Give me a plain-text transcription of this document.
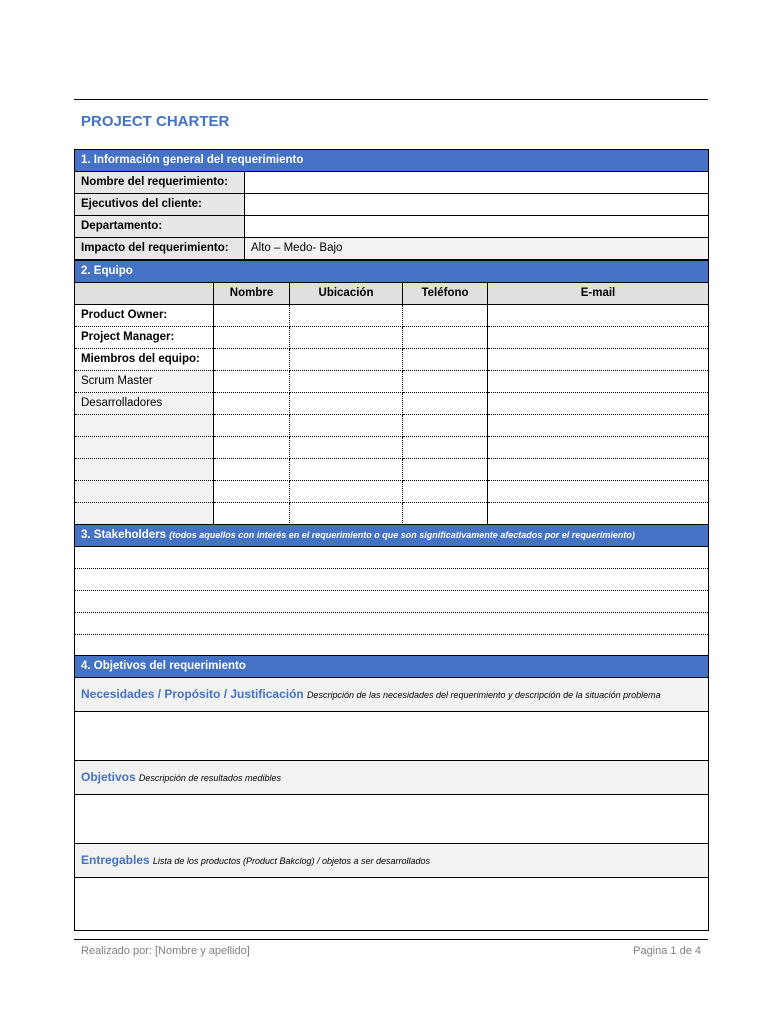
PROJECT CHARTER
1. Información general del requerimiento	
Nombre del requerimiento:	
Ejecutivos del cliente:	
Departamento:	
Impacto del requerimiento:	Alto – Medo- Bajo
2. Equipo				
	Nombre	Ubicación	Teléfono	E-mail
Product Owner:				
Project Manager:				
Miembros del equipo:				
Scrum Master				
Desarrolladores				

3. Stakeholders (todos aquellos con interés en el requerimiento o que son significativamente afectados por el requerimiento)

4. Objetivos del requerimiento
Necesidades / Propósito / Justificación Descripción de las necesidades del requerimiento y descripción de la situación problema

Objetivos Descripción de resultados medibles

Entregables Lista de los productos (Product Bakclog) / objetos a ser desarrollados

Realizado por: [Nombre y apellido]	Pagina 1 de 4
